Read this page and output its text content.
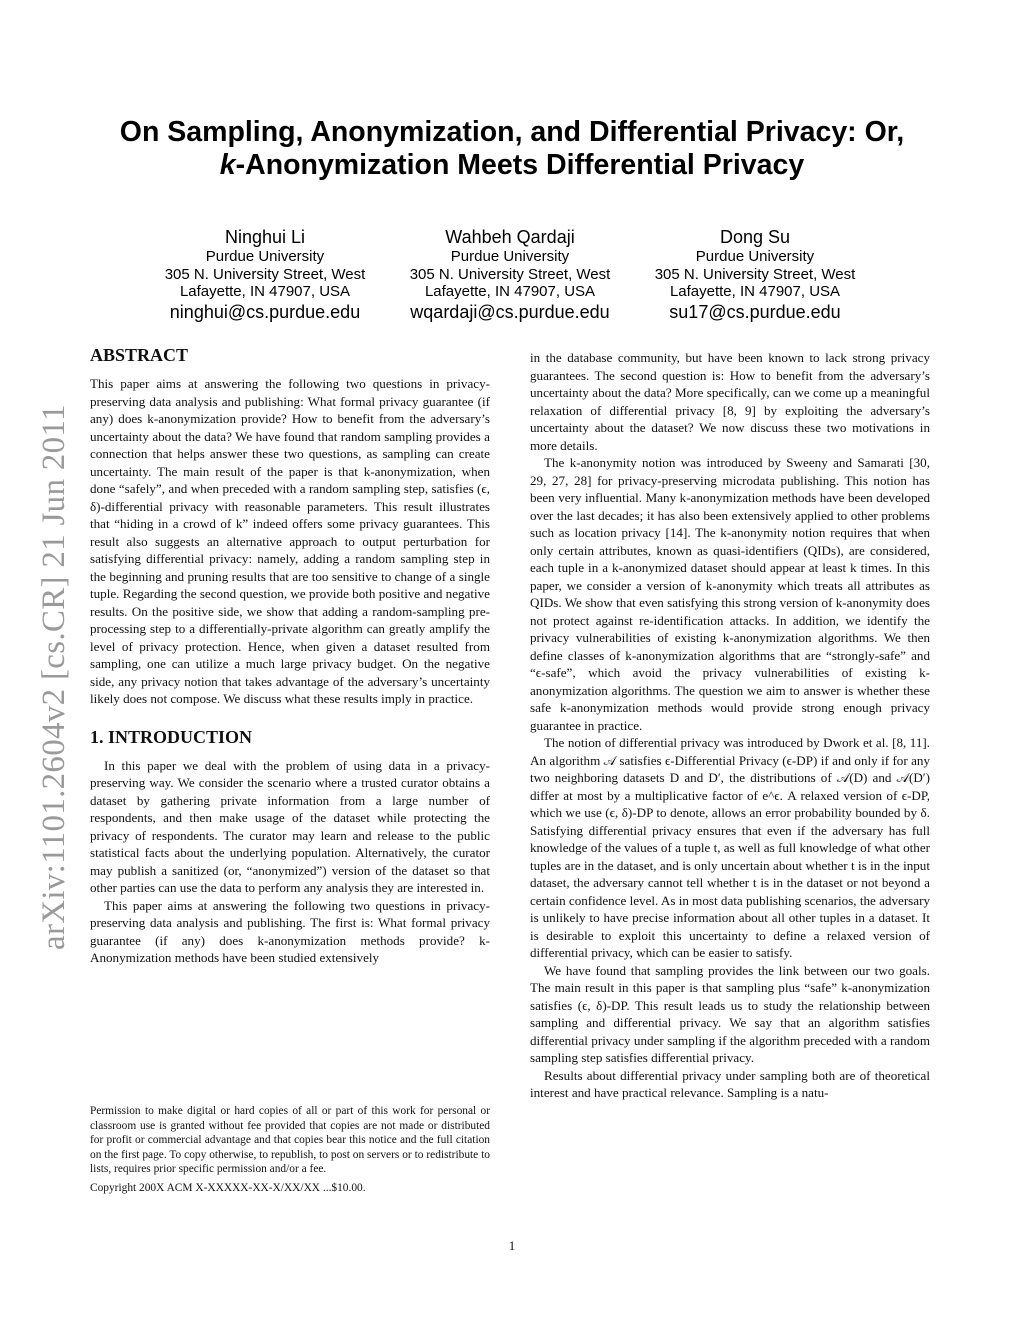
On Sampling, Anonymization, and Differential Privacy: Or,
k-Anonymization Meets Differential Privacy
Ninghui Li
Purdue University
305 N. University Street, West
Lafayette, IN 47907, USA
ninghui@cs.purdue.edu
Wahbeh Qardaji
Purdue University
305 N. University Street, West
Lafayette, IN 47907, USA
wqardaji@cs.purdue.edu
Dong Su
Purdue University
305 N. University Street, West
Lafayette, IN 47907, USA
su17@cs.purdue.edu
arXiv:1101.2604v2 [cs.CR] 21 Jun 2011
ABSTRACT

This paper aims at answering the following two questions in privacy-preserving data analysis and publishing: What formal privacy guarantee (if any) does k-anonymization provide? How to benefit from the adversary’s uncertainty about the data? We have found that random sampling provides a connection that helps answer these two questions, as sampling can create uncertainty. The main result of the paper is that k-anonymization, when done “safely”, and when preceded with a random sampling step, satisfies (ϵ, δ)-differential privacy with reasonable parameters. This result illustrates that “hiding in a crowd of k” indeed offers some privacy guarantees. This result also suggests an alternative approach to output perturbation for satisfying differential privacy: namely, adding a random sampling step in the beginning and pruning results that are too sensitive to change of a single tuple. Regarding the second question, we provide both positive and negative results. On the positive side, we show that adding a random-sampling pre-processing step to a differentially-private algorithm can greatly amplify the level of privacy protection. Hence, when given a dataset resulted from sampling, one can utilize a much large privacy budget. On the negative side, any privacy notion that takes advantage of the adversary’s uncertainty likely does not compose. We discuss what these results imply in practice.

1. INTRODUCTION

In this paper we deal with the problem of using data in a privacy-preserving way. We consider the scenario where a trusted curator obtains a dataset by gathering private information from a large number of respondents, and then make usage of the dataset while protecting the privacy of respondents. The curator may learn and release to the public statistical facts about the underlying population. Alternatively, the curator may publish a sanitized (or, “anonymized”) version of the dataset so that other parties can use the data to perform any analysis they are interested in.

This paper aims at answering the following two questions in privacy-preserving data analysis and publishing. The first is: What formal privacy guarantee (if any) does k-anonymization methods provide? k-Anonymization methods have been studied extensively

Permission to make digital or hard copies of all or part of this work for personal or classroom use is granted without fee provided that copies are not made or distributed for profit or commercial advantage and that copies bear this notice and the full citation on the first page. To copy otherwise, to republish, to post on servers or to redistribute to lists, requires prior specific permission and/or a fee.

Copyright 200X ACM X-XXXXX-XX-X/XX/XX ...$10.00.

in the database community, but have been known to lack strong privacy guarantees. The second question is: How to benefit from the adversary’s uncertainty about the data? More specifically, can we come up a meaningful relaxation of differential privacy [8, 9] by exploiting the adversary’s uncertainty about the dataset? We now discuss these two motivations in more details.

The k-anonymity notion was introduced by Sweeny and Samarati [30, 29, 27, 28] for privacy-preserving microdata publishing. This notion has been very influential. Many k-anonymization methods have been developed over the last decades; it has also been extensively applied to other problems such as location privacy [14]. The k-anonymity notion requires that when only certain attributes, known as quasi-identifiers (QIDs), are considered, each tuple in a k-anonymized dataset should appear at least k times. In this paper, we consider a version of k-anonymity which treats all attributes as QIDs. We show that even satisfying this strong version of k-anonymity does not protect against re-identification attacks. In addition, we identify the privacy vulnerabilities of existing k-anonymization algorithms. We then define classes of k-anonymization algorithms that are “strongly-safe” and “ϵ-safe”, which avoid the privacy vulnerabilities of existing k-anonymization algorithms. The question we aim to answer is whether these safe k-anonymization methods would provide strong enough privacy guarantee in practice.

The notion of differential privacy was introduced by Dwork et al. [8, 11]. An algorithm 𝒜 satisfies ϵ-Differential Privacy (ϵ-DP) if and only if for any two neighboring datasets D and D′, the distributions of 𝒜(D) and 𝒜(D′) differ at most by a multiplicative factor of e^ϵ. A relaxed version of ϵ-DP, which we use (ϵ, δ)-DP to denote, allows an error probability bounded by δ. Satisfying differential privacy ensures that even if the adversary has full knowledge of the values of a tuple t, as well as full knowledge of what other tuples are in the dataset, and is only uncertain about whether t is in the input dataset, the adversary cannot tell whether t is in the dataset or not beyond a certain confidence level. As in most data publishing scenarios, the adversary is unlikely to have precise information about all other tuples in a dataset. It is desirable to exploit this uncertainty to define a relaxed version of differential privacy, which can be easier to satisfy.

We have found that sampling provides the link between our two goals. The main result in this paper is that sampling plus “safe” k-anonymization satisfies (ϵ, δ)-DP. This result leads us to study the relationship between sampling and differential privacy. We say that an algorithm satisfies differential privacy under sampling if the algorithm preceded with a random sampling step satisfies differential privacy.

Results about differential privacy under sampling both are of theoretical interest and have practical relevance. Sampling is a natu-

1
